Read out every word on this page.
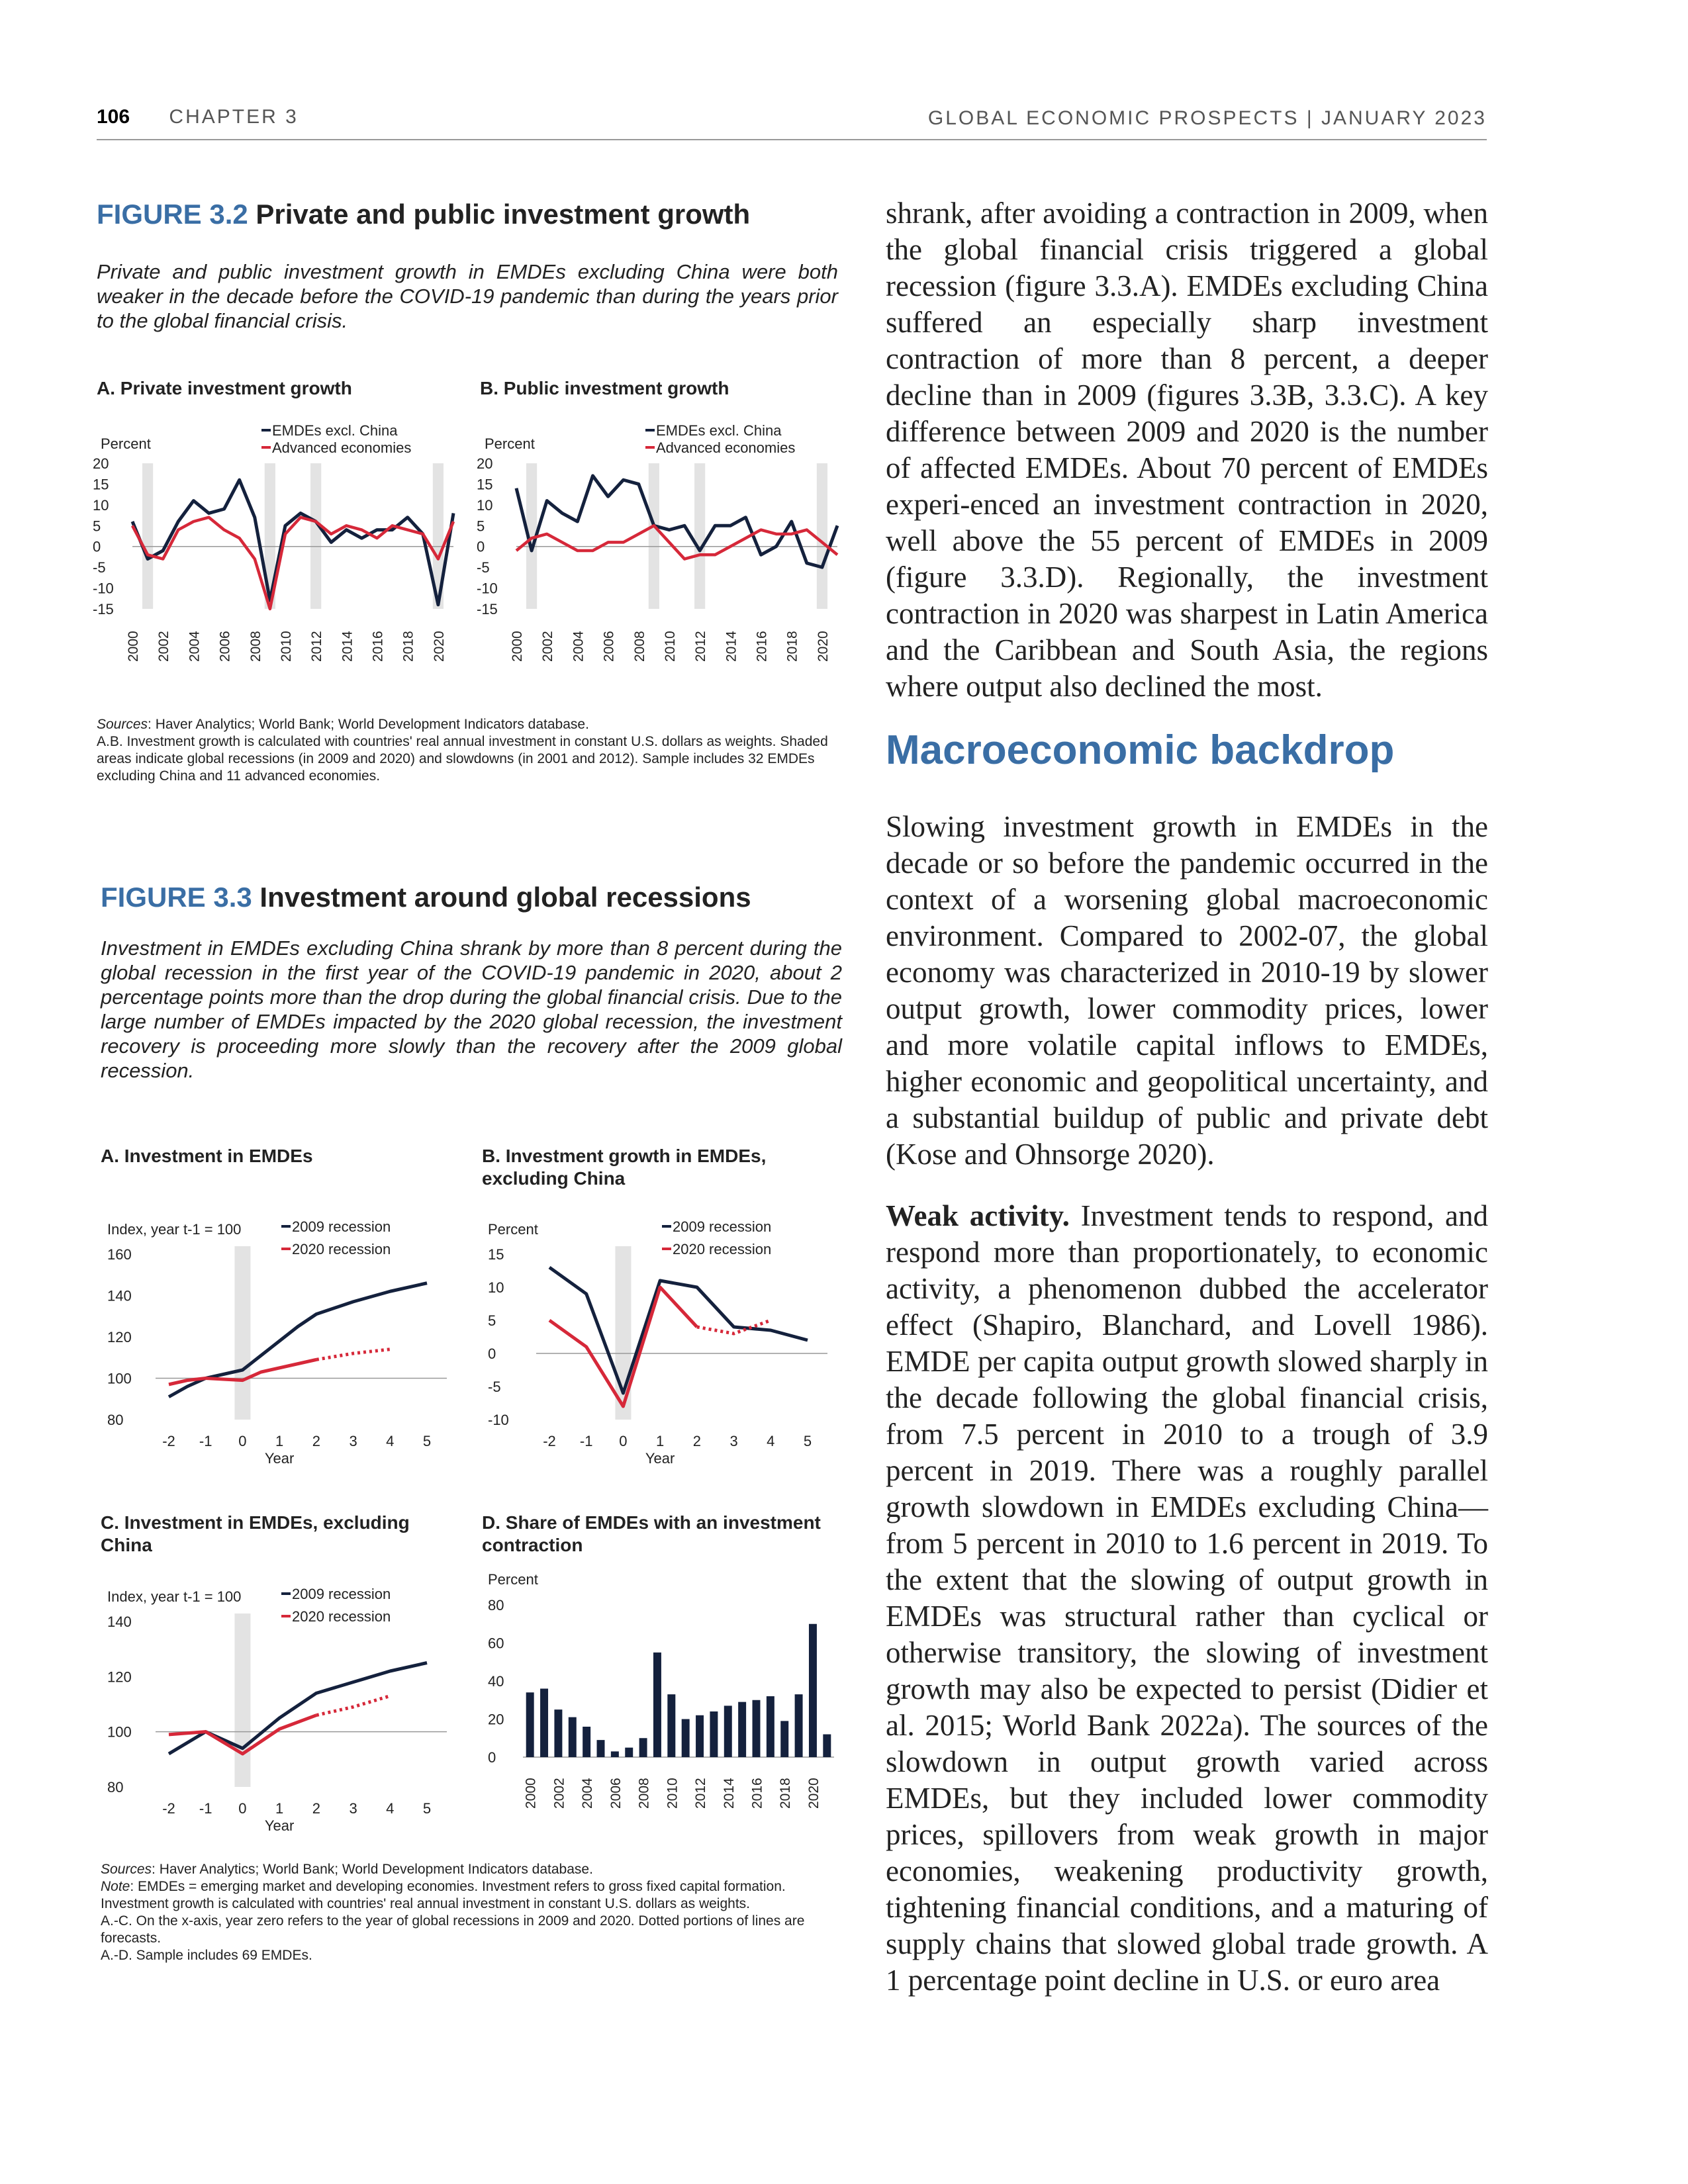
106 CHAPTER 3	GLOBAL ECONOMIC PROSPECTS | JANUARY 2023
FIGURE 3.2 Private and public investment growth
Private and public investment growth in EMDEs excluding China were both weaker in the decade before the COVID-19 pandemic than during the years prior to the global financial crisis.
A. Private investment growth	B. Public investment growth
Percent
20
15
10
5
0
-5
-10
-15
2000 2002 2004 2006 2008 2010 2012 2014 2016 2018 2020
EMDEs excl. China
Advanced economies	Percent
20
15
10
5
0
-5
-10
-15
2000 2002 2004 2006 2008 2010 2012 2014 2016 2018 2020
EMDEs excl. China
Advanced economies
Sources: Haver Analytics; World Bank; World Development Indicators database.
A.B. Investment growth is calculated with countries' real annual investment in constant U.S. dollars as weights. Shaded areas indicate global recessions (in 2009 and 2020) and slowdowns (in 2001 and 2012). Sample includes 32 EMDEs excluding China and 11 advanced economies.
FIGURE 3.3 Investment around global recessions
Investment in EMDEs excluding China shrank by more than 8 percent during the global recession in the first year of the COVID-19 pandemic in 2020, about 2 percentage points more than the drop during the global financial crisis. Due to the large number of EMDEs impacted by the 2020 global recession, the investment recovery is proceeding more slowly than the recovery after the 2009 global recession.
A. Investment in EMDEs	B. Investment growth in EMDEs, excluding China
Index, year t-1 = 100
160
140
120
100
80
-2 -1 0 1 2 3 4 5
Year
2009 recession
2020 recession
Percent
15
10
5
0
-5
-10
-2 -1 0 1 2 3 4 5
Year
2009 recession
2020 recession
C. Investment in EMDEs, excluding China
D. Share of EMDEs with an investment contraction
Index, year t-1 = 100
140
120
100
80
-2 -1 0 1 2 3 4 5
Year
2009 recession
2020 recession
Percent
80
60
40
20
0
2000 2002 2004 2006 2008 2010 2012 2014 2016 2018 2020
Sources: Haver Analytics; World Bank; World Development Indicators database.
Note: EMDEs = emerging market and developing economies. Investment refers to gross fixed capital formation. Investment growth is calculated with countries' real annual investment in constant U.S. dollars as weights.
A.-C. On the x-axis, year zero refers to the year of global recessions in 2009 and 2020. Dotted portions of lines are forecasts.
A.-D. Sample includes 69 EMDEs.
shrank, after avoiding a contraction in 2009, when the global financial crisis triggered a global recession (figure 3.3.A). EMDEs excluding China suffered an especially sharp investment contraction of more than 8 percent, a deeper decline than in 2009 (figures 3.3B, 3.3.C). A key difference between 2009 and 2020 is the number of affected EMDEs. About 70 percent of EMDEs experi-enced an investment contraction in 2020, well above the 55 percent of EMDEs in 2009 (figure 3.3.D). Regionally, the investment contraction in 2020 was sharpest in Latin America and the Caribbean and South Asia, the regions where output also declined the most.
Macroeconomic backdrop
Slowing investment growth in EMDEs in the decade or so before the pandemic occurred in the context of a worsening global macroeconomic environment. Compared to 2002-07, the global economy was characterized in 2010-19 by slower output growth, lower commodity prices, lower and more volatile capital inflows to EMDEs, higher economic and geopolitical uncertainty, and a substantial buildup of public and private debt (Kose and Ohnsorge 2020).
Weak activity. Investment tends to respond, and respond more than proportionately, to economic activity, a phenomenon dubbed the accelerator effect (Shapiro, Blanchard, and Lovell 1986). EMDE per capita output growth slowed sharply in the decade following the global financial crisis, from 7.5 percent in 2010 to a trough of 3.9 percent in 2019. There was a roughly parallel growth slowdown in EMDEs excluding China—from 5 percent in 2010 to 1.6 percent in 2019. To the extent that the slowing of output growth in EMDEs was structural rather than cyclical or otherwise transitory, the slowing of investment growth may also be expected to persist (Didier et al. 2015; World Bank 2022a). The sources of the slowdown in output growth varied across EMDEs, but they included lower commodity prices, spillovers from weak growth in major economies, weakening productivity growth, tightening financial conditions, and a maturing of supply chains that slowed global trade growth. A 1 percentage point decline in U.S. or euro area
